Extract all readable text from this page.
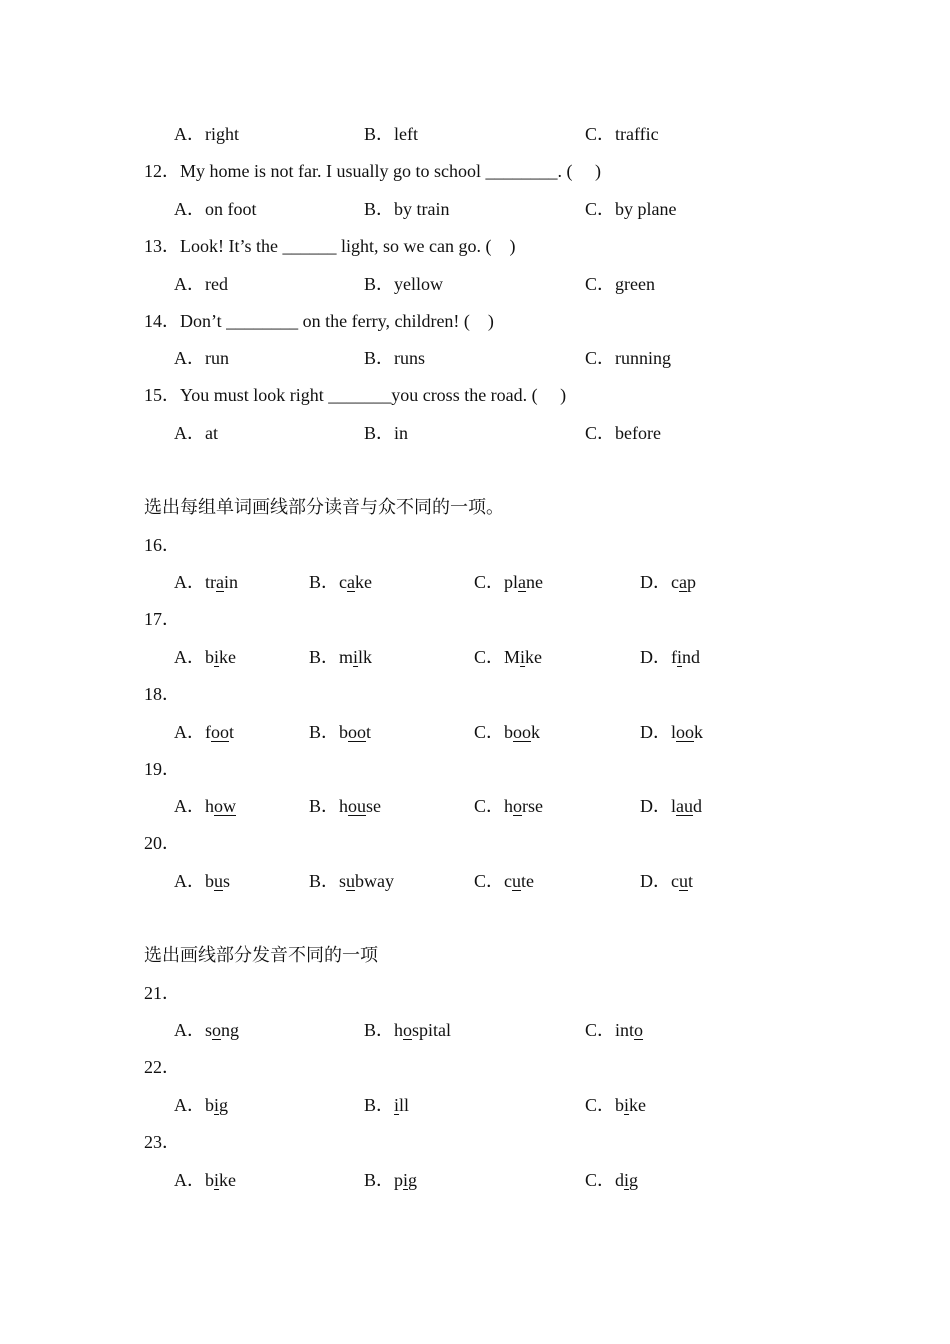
A．right	B．left	C．traffic
12．My home is not far. I usually go to school ________. (　 )
A．on foot	B．by train	C．by plane
13．Look! It’s the ______ light, so we can go. (　)
A．red	B．yellow	C．green
14．Don’t ________ on the ferry, children! (　)
A．run	B．runs	C．running
15．You must look right _______you cross the road. (　 )
A．at	B．in	C．before
选出每组单词画线部分读音与众不同的一项。
16．
A．train	B．cake	C．plane	D．cap
17．
A．bike	B．milk	C．Mike	D．find
18．
A．foot	B．boot	C．book	D．look
19．
A．how	B．house	C．horse	D．laud
20．
A．bus	B．subway	C．cute	D．cut
选出画线部分发音不同的一项
21．
A．song	B．hospital	C．into
22．
A．big	B．ill	C．bike
23．
A．bike	B．pig	C．dig
